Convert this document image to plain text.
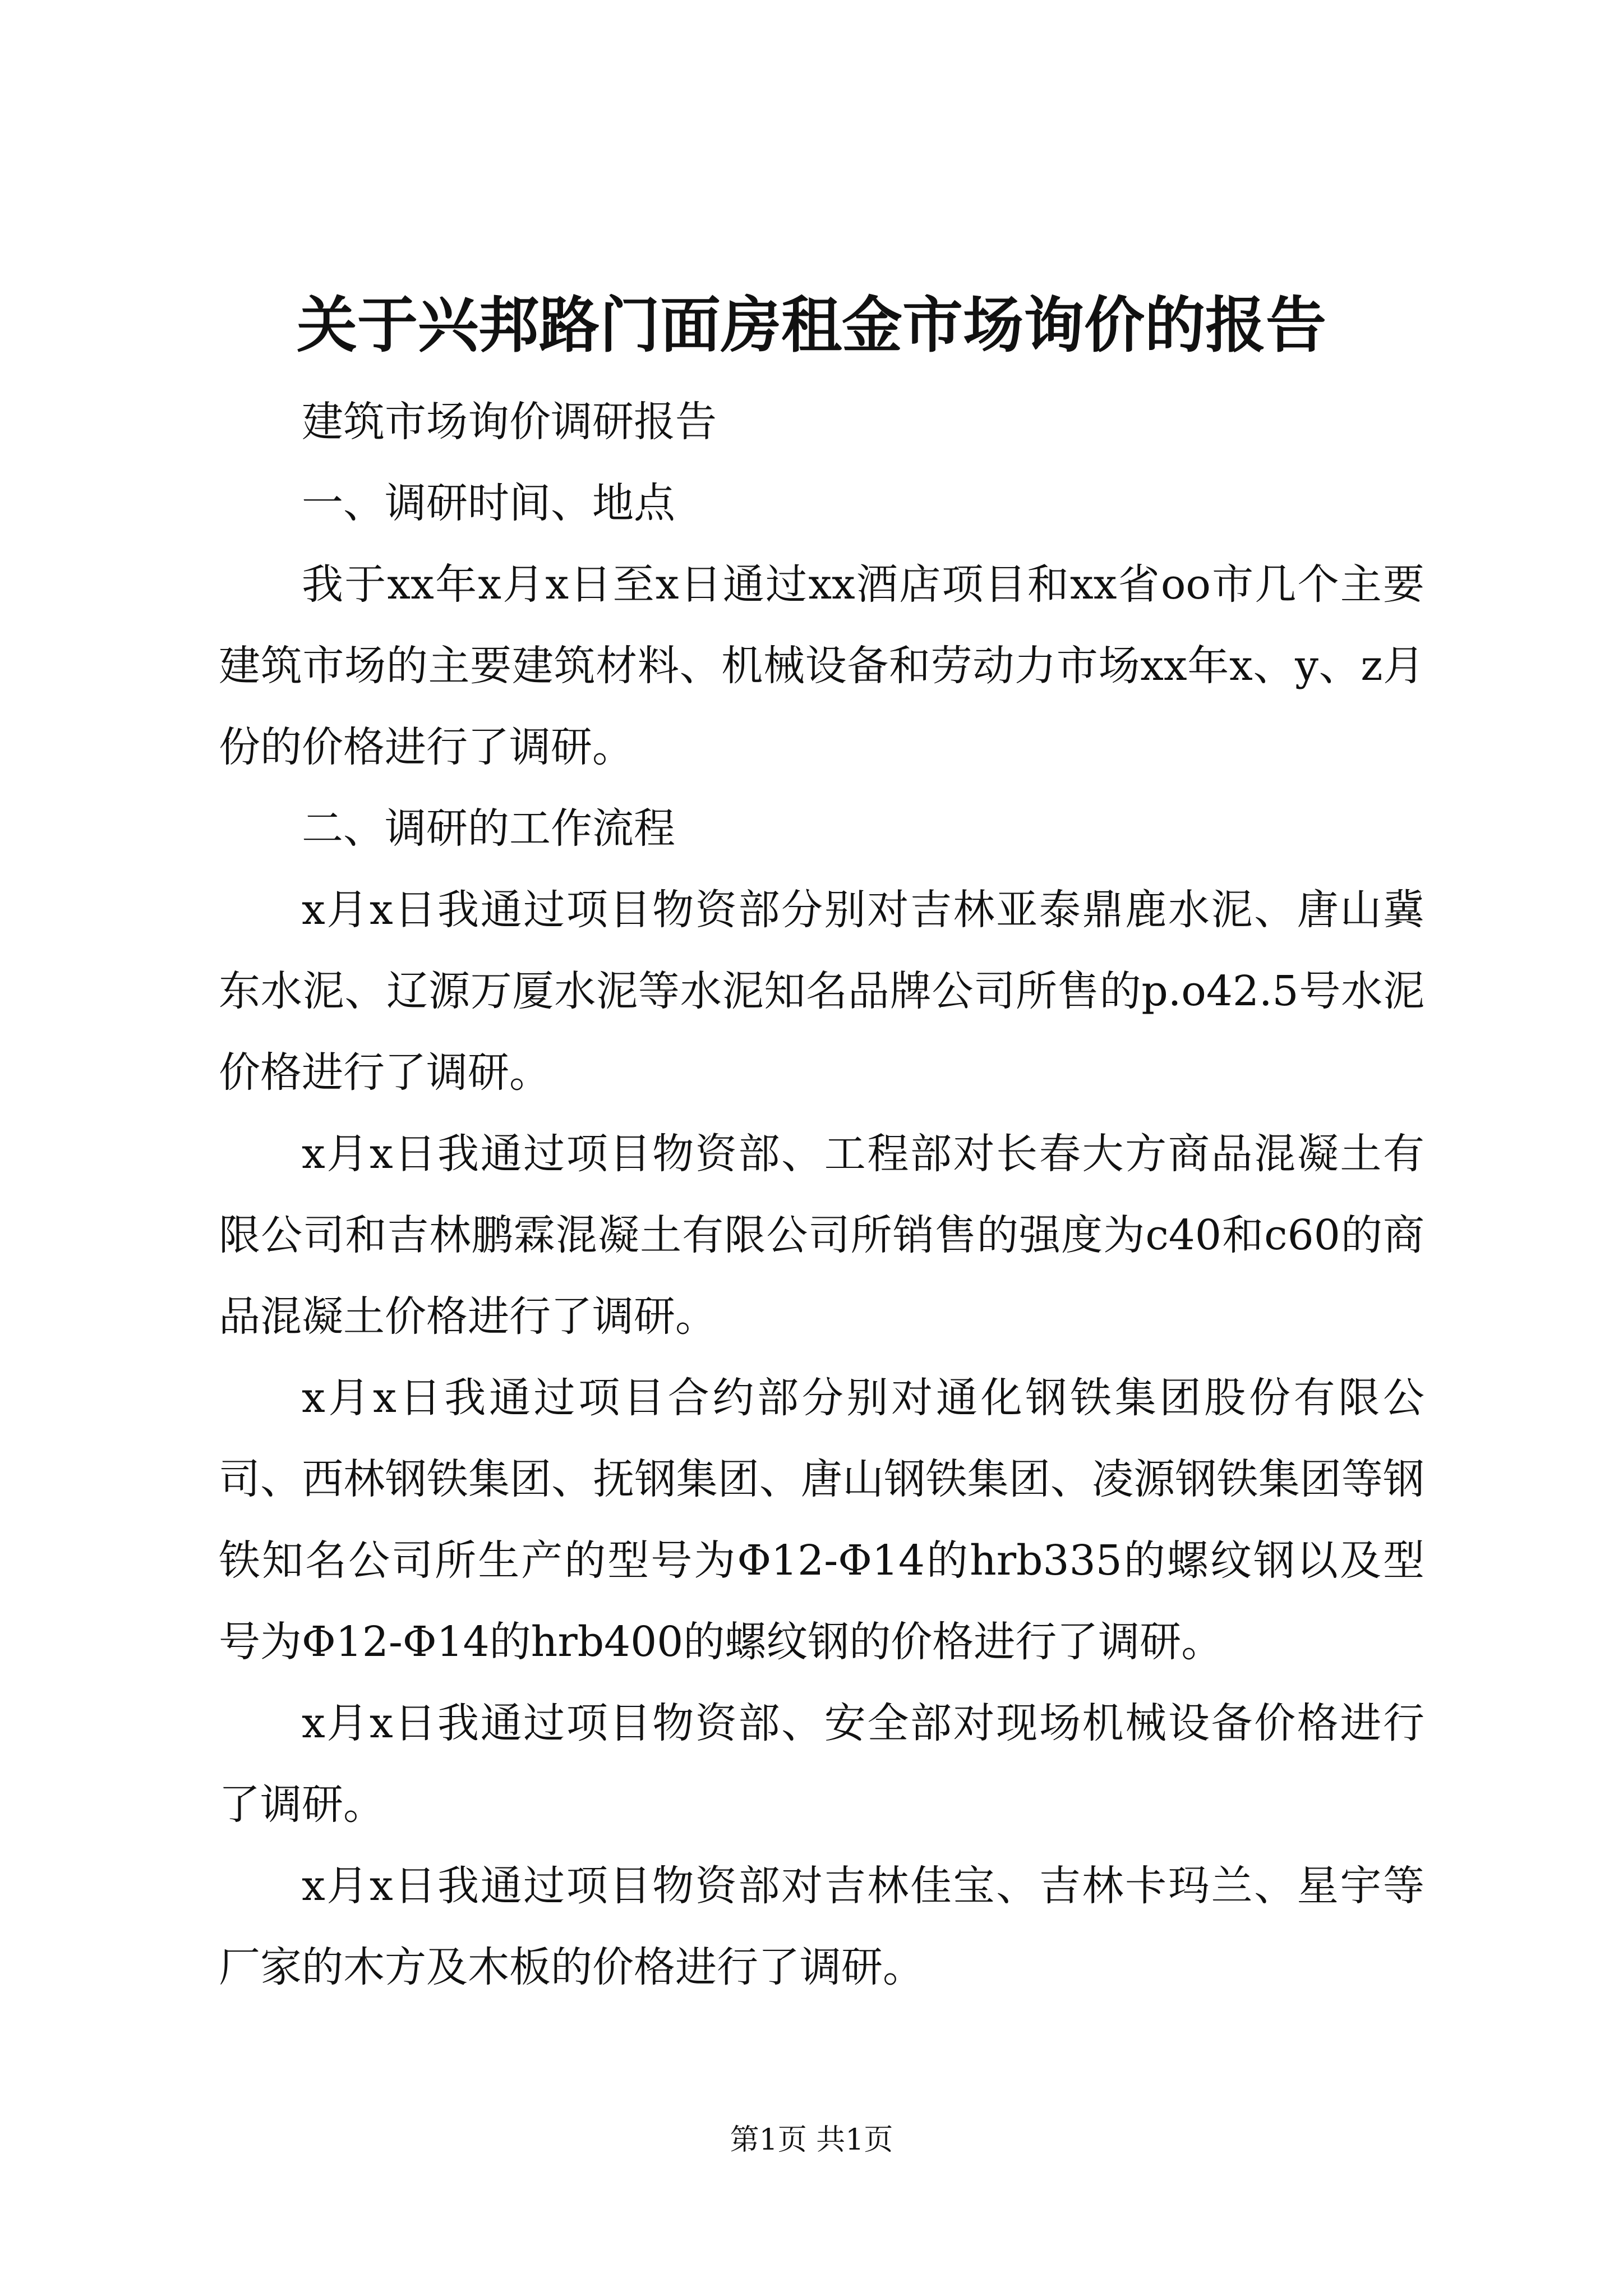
关于兴邦路门面房租金市场询价的报告

建筑市场询价调研报告

一、调研时间、地点

我于xx年x月x日至x日通过xx酒店项目和xx省oo市几个主要建筑市场的主要建筑材料、机械设备和劳动力市场xx年x、y、z月份的价格进行了调研。

二、调研的工作流程

x月x日我通过项目物资部分别对吉林亚泰鼎鹿水泥、唐山冀东水泥、辽源万厦水泥等水泥知名品牌公司所售的p.o42.5号水泥价格进行了调研。

x月x日我通过项目物资部、工程部对长春大方商品混凝土有限公司和吉林鹏霖混凝土有限公司所销售的强度为c40和c60的商品混凝土价格进行了调研。

x月x日我通过项目合约部分别对通化钢铁集团股份有限公司、西林钢铁集团、抚钢集团、唐山钢铁集团、凌源钢铁集团等钢铁知名公司所生产的型号为Φ12-Φ14的hrb335的螺纹钢以及型号为Φ12-Φ14的hrb400的螺纹钢的价格进行了调研。

x月x日我通过项目物资部、安全部对现场机械设备价格进行了调研。

x月x日我通过项目物资部对吉林佳宝、吉林卡玛兰、星宇等厂家的木方及木板的价格进行了调研。

第1页 共1页
